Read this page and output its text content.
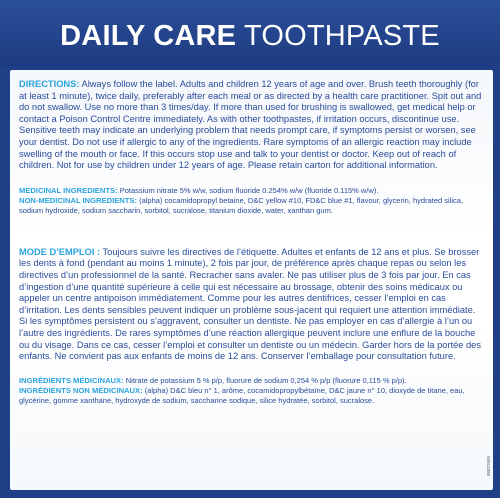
DAILY CARE TOOTHPASTE
DIRECTIONS: Always follow the label. Adults and children 12 years of age and over. Brush teeth thoroughly (for at least 1 minute), twice daily, preferably after each meal or as directed by a health care practitioner. Spit out and do not swallow. Use no more than 3 times/day. If more than used for brushing is swallowed, get medical help or contact a Poison Control Centre immediately. As with other toothpastes, if irritation occurs, discontinue use. Sensitive teeth may indicate an underlying problem that needs prompt care, if symptoms persist or worsen, see your dentist. Do not use if allergic to any of the ingredients. Rare symptoms of an allergic reaction may include swelling of the mouth or face. If this occurs stop use and talk to your dentist or doctor. Keep out of reach of children. Not for use by children under 12 years of age. Please retain carton for additional information.
MEDICINAL INGREDIENTS: Potassium nitrate 5% w/w, sodium fluoride 0.254% w/w (fluoride 0.115% w/w).
NON-MEDICINAL INGREDIENTS: (alpha) cocamidopropyl betaine, D&C yellow #10, FD&C blue #1, flavour, glycerin, hydrated silica, sodium hydroxide, sodium saccharin, sorbitol, sucralose, titanium dioxide, water, xanthan gum.
MODE D’EMPLOI : Toujours suivre les directives de l’étiquette. Adultes et enfants de 12 ans et plus. Se brosser les dents à fond (pendant au moins 1 minute), 2 fois par jour, de préférence après chaque repas ou selon les directives d’un professionnel de la santé. Recracher sans avaler. Ne pas utiliser plus de 3 fois par jour. En cas d’ingestion d’une quantité supérieure à celle qui est nécessaire au brossage, obtenir des soins médicaux ou appeler un centre antipoison immédiatement. Comme pour les autres dentifrices, cesser l’emploi en cas d’irritation. Les dents sensibles peuvent indiquer un problème sous-jacent qui requiert une attention immédiate. Si les symptômes persistent ou s’aggravent, consulter un dentiste. Ne pas employer en cas d’allergie à l’un ou l’autre des ingrédients. De rares symptômes d’une réaction allergique peuvent inclure une enflure de la bouche ou du visage. Dans ce cas, cesser l’emploi et consulter un dentiste ou un médecin. Garder hors de la portée des enfants. Ne convient pas aux enfants de moins de 12 ans. Conserver l’emballage pour consultation future.
INGRÉDIENTS MÉDICINAUX: Nitrate de potassium 5 % p/p, fluorure de sodium 0,254 % p/p (fluorure 0,115 % p/p).
INGRÉDIENTS NON MÉDICINAUX: (alpha) D&C bleu n° 1, arôme, cocamidopropylbétaïne, D&C jaune n° 10, dioxyde de titane, eau, glycérine, gomme xanthane, hydroxyde de sodium, saccharine sodique, silice hydratée, sorbitol, sucralose.
86827655
